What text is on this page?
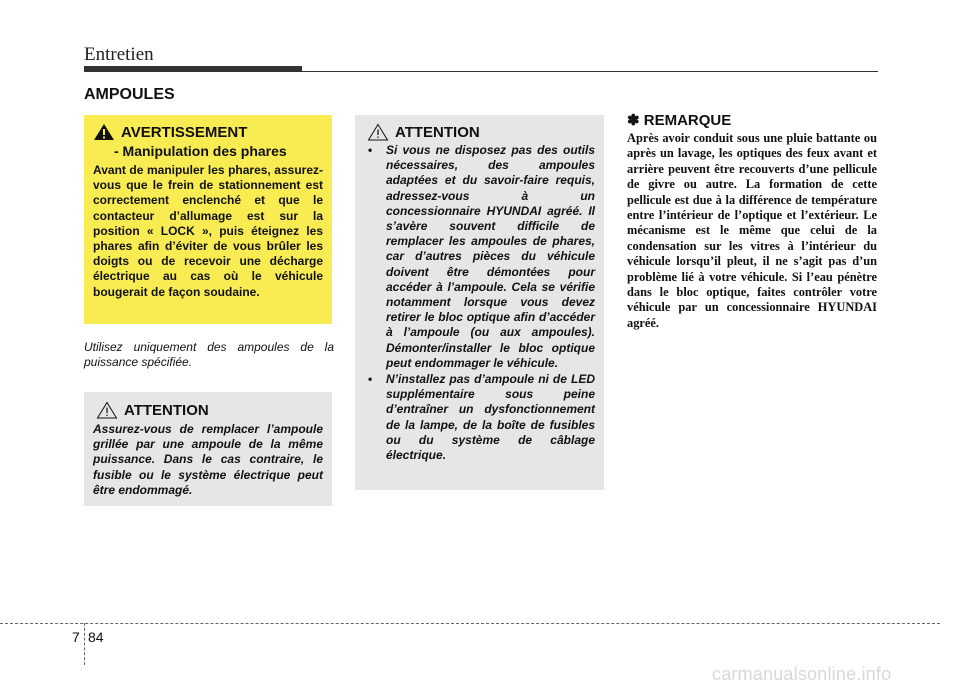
Entretien
AMPOULES
AVERTISSEMENT
- Manipulation des phares

Avant de manipuler les phares, assurez-vous que le frein de stationnement est correctement enclenché et que le contacteur d’allumage est sur la position « LOCK », puis éteignez les phares afin d’éviter de vous brûler les doigts ou de recevoir une décharge électrique au cas où le véhicule bougerait de façon soudaine.

Utilisez uniquement des ampoules de la puissance spécifiée.

ATTENTION

Assurez-vous de remplacer l’ampoule grillée par une ampoule de la même puissance. Dans le cas contraire, le fusible ou le système électrique peut être endommagé.

ATTENTION
• Si vous ne disposez pas des outils nécessaires, des ampoules adaptées et du savoir-faire requis, adressez-vous à un concessionnaire HYUNDAI agréé. Il s’avère souvent difficile de remplacer les ampoules de phares, car d’autres pièces du véhicule doivent être démontées pour accéder à l’ampoule. Cela se vérifie notamment lorsque vous devez retirer le bloc optique afin d’accéder à l’ampoule (ou aux ampoules). Démonter/installer le bloc optique peut endommager le véhicule.
• N’installez pas d’ampoule ni de LED supplémentaire sous peine d’entraîner un dysfonctionnement de la lampe, de la boîte de fusibles ou du système de câblage électrique.
✽ REMARQUE

Après avoir conduit sous une pluie battante ou après un lavage, les optiques des feux avant et arrière peuvent être recouverts d’une pellicule de givre ou autre. La formation de cette pellicule est due à la différence de température entre l’intérieur de l’optique et l’extérieur. Le mécanisme est le même que celui de la condensation sur les vitres à l’intérieur du véhicule lorsqu’il pleut, il ne s’agit pas d’un problème lié à votre véhicule. Si l’eau pénètre dans le bloc optique, faites contrôler votre véhicule par un concessionnaire HYUNDAI agréé.

7 84
carmanualsonline.info
